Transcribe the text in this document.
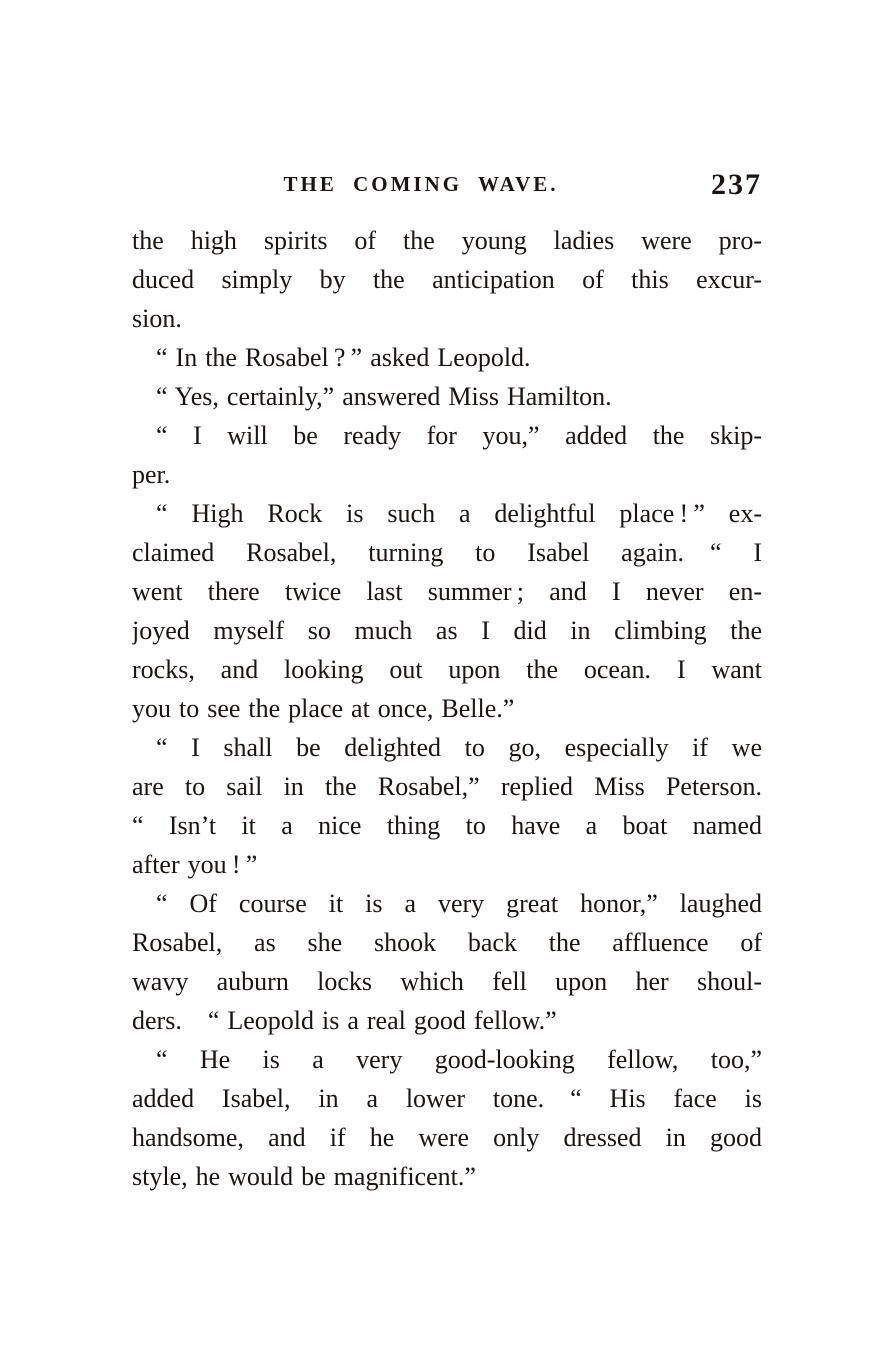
THE COMING WAVE.	237

the high spirits of the young ladies were pro-
duced simply by the anticipation of this excur-
sion.

“ In the Rosabel ? ” asked Leopold.

“ Yes, certainly,” answered Miss Hamilton.

“ I will be ready for you,” added the skip-
per.

“ High Rock is such a delightful place ! ” ex-
claimed Rosabel, turning to Isabel again. “ I
went there twice last summer ; and I never en-
joyed myself so much as I did in climbing the
rocks, and looking out upon the ocean. I want
you to see the place at once, Belle.”

“ I shall be delighted to go, especially if we
are to sail in the Rosabel,” replied Miss Peterson.
“ Isn’t it a nice thing to have a boat named
after you ! ”

“ Of course it is a very great honor,” laughed
Rosabel, as she shook back the affluence of
wavy auburn locks which fell upon her shoul-
ders. “ Leopold is a real good fellow.”

“ He is a very good-looking fellow, too,”
added Isabel, in a lower tone. “ His face is
handsome, and if he were only dressed in good
style, he would be magnificent.”
